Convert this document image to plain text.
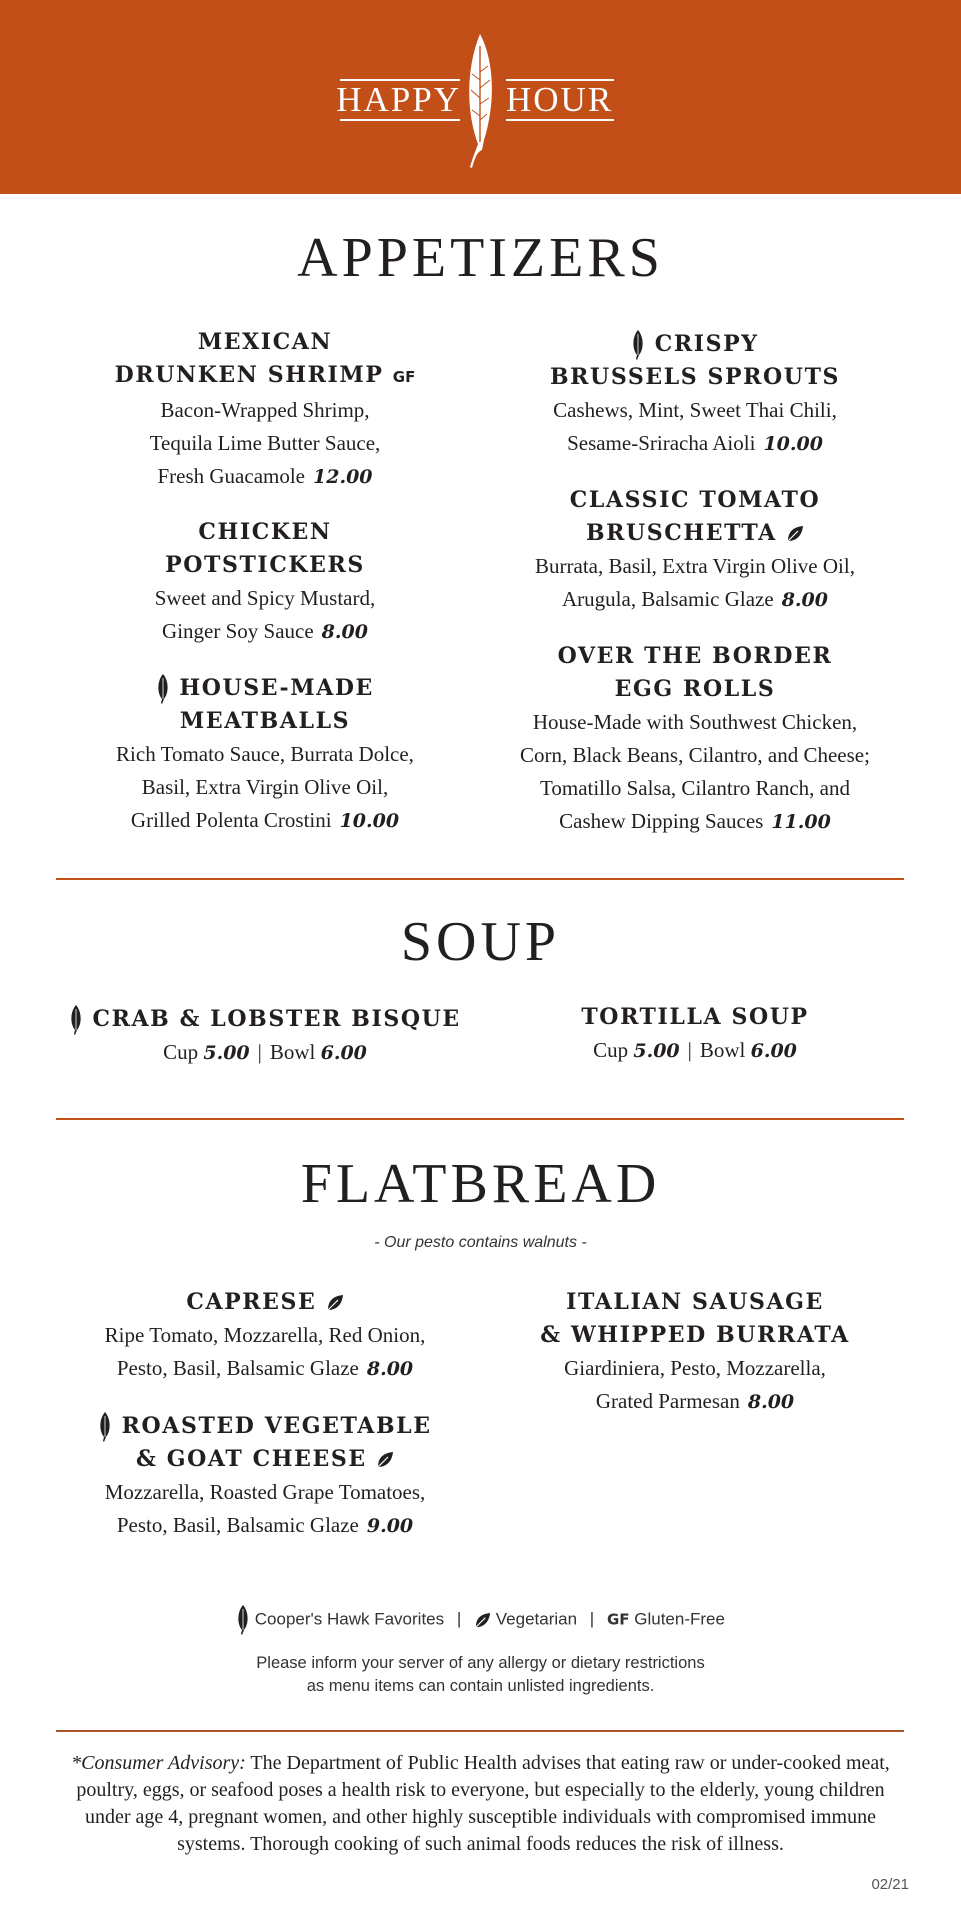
HAPPY HOUR
APPETIZERS
MEXICAN
DRUNKEN SHRIMP GF
Bacon-Wrapped Shrimp,
Tequila Lime Butter Sauce,
Fresh Guacamole 12.00
CHICKEN
POTSTICKERS
Sweet and Spicy Mustard,
Ginger Soy Sauce 8.00
HOUSE-MADE
MEATBALLS
Rich Tomato Sauce, Burrata Dolce,
Basil, Extra Virgin Olive Oil,
Grilled Polenta Crostini 10.00
CRISPY
BRUSSELS SPROUTS
Cashews, Mint, Sweet Thai Chili,
Sesame-Sriracha Aioli 10.00
CLASSIC TOMATO
BRUSCHETTA
Burrata, Basil, Extra Virgin Olive Oil,
Arugula, Balsamic Glaze 8.00
OVER THE BORDER
EGG ROLLS
House-Made with Southwest Chicken,
Corn, Black Beans, Cilantro, and Cheese;
Tomatillo Salsa, Cilantro Ranch, and
Cashew Dipping Sauces 11.00
SOUP
CRAB & LOBSTER BISQUE
Cup 5.00 | Bowl 6.00
TORTILLA SOUP
Cup 5.00 | Bowl 6.00
FLATBREAD
- Our pesto contains walnuts -
CAPRESE
Ripe Tomato, Mozzarella, Red Onion,
Pesto, Basil, Balsamic Glaze 8.00
ROASTED VEGETABLE
& GOAT CHEESE
Mozzarella, Roasted Grape Tomatoes,
Pesto, Basil, Balsamic Glaze 9.00
ITALIAN SAUSAGE
& WHIPPED BURRATA
Giardiniera, Pesto, Mozzarella,
Grated Parmesan 8.00
Cooper's Hawk Favorites | Vegetarian | GF Gluten-Free
Please inform your server of any allergy or dietary restrictions
as menu items can contain unlisted ingredients.
*Consumer Advisory: The Department of Public Health advises that eating raw or under-cooked meat, poultry, eggs, or seafood poses a health risk to everyone, but especially to the elderly, young children under age 4, pregnant women, and other highly susceptible individuals with compromised immune systems. Thorough cooking of such animal foods reduces the risk of illness.
02/21
